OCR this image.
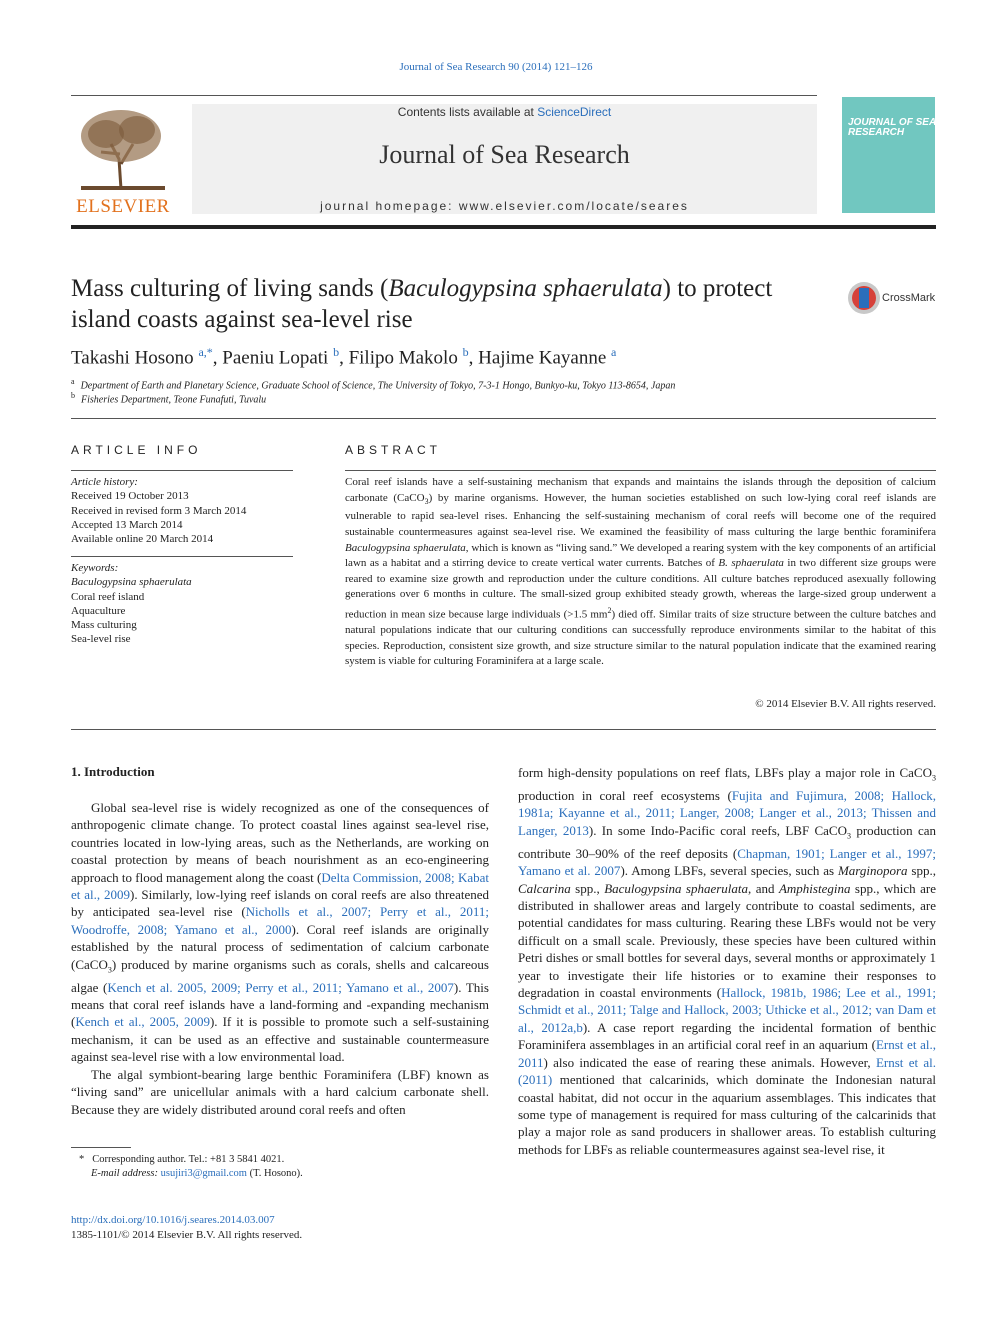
Journal of Sea Research 90 (2014) 121–126
ELSEVIER
Contents lists available at ScienceDirect
Journal of Sea Research
journal homepage: www.elsevier.com/locate/seares
JOURNAL OF SEA RESEARCH
Mass culturing of living sands (Baculogypsina sphaerulata) to protect island coasts against sea-level rise
CrossMark
Takashi Hosono $^{a,*}$, Paeniu Lopati $^b$, Filipo Makolo $^b$, Hajime Kayanne $^a$
$^a$ Department of Earth and Planetary Science, Graduate School of Science, The University of Tokyo, 7-3-1 Hongo, Bunkyo-ku, Tokyo 113-8654, Japan
$^b$ Fisheries Department, Teone Funafuti, Tuvalu
ARTICLE INFO
Article history:
Received 19 October 2013
Received in revised form 3 March 2014
Accepted 13 March 2014
Available online 20 March 2014
Keywords:
Baculogypsina sphaerulata
Coral reef island
Aquaculture
Mass culturing
Sea-level rise
ABSTRACT
Coral reef islands have a self-sustaining mechanism that expands and maintains the islands through the deposition of calcium carbonate (CaCO$_3$) by marine organisms. However, the human societies established on such low-lying coral reef islands are vulnerable to rapid sea-level rises. Enhancing the self-sustaining mechanism of coral reefs will become one of the required sustainable countermeasures against sea-level rise. We examined the feasibility of mass culturing the large benthic foraminifera Baculogypsina sphaerulata, which is known as “living sand.” We developed a rearing system with the key components of an artificial lawn as a habitat and a stirring device to create vertical water currents. Batches of B. sphaerulata in two different size groups were reared to examine size growth and reproduction under the culture conditions. All culture batches reproduced asexually following generations over 6 months in culture. The small-sized group exhibited steady growth, whereas the large-sized group underwent a reduction in mean size because large individuals (>1.5 $mm^2$) died off. Similar traits of size structure between the culture batches and natural populations indicate that our culturing conditions can successfully reproduce environments similar to the habitat of this species. Reproduction, consistent size growth, and size structure similar to the natural population indicate that the examined rearing system is viable for culturing Foraminifera at a large scale.
© 2014 Elsevier B.V. All rights reserved.
1. Introduction

Global sea-level rise is widely recognized as one of the consequences of anthropogenic climate change. To protect coastal lines against sea-level rise, countries located in low-lying areas, such as the Netherlands, are working on coastal protection by means of beach nourishment as an eco-engineering approach to flood management along the coast (Delta Commission, 2008; Kabat et al., 2009). Similarly, low-lying reef islands on coral reefs are also threatened by anticipated sea-level rise (Nicholls et al., 2007; Perry et al., 2011; Woodroffe, 2008; Yamano et al., 2000). Coral reef islands are originally established by the natural process of sedimentation of calcium carbonate (CaCO$_3$) produced by marine organisms such as corals, shells and calcareous algae (Kench et al. 2005, 2009; Perry et al., 2011; Yamano et al., 2007). This means that coral reef islands have a land-forming and -expanding mechanism (Kench et al., 2005, 2009). If it is possible to promote such a self-sustaining mechanism, it can be used as an effective and sustainable countermeasure against sea-level rise with a low environmental load.

The algal symbiont-bearing large benthic Foraminifera (LBF) known as “living sand” are unicellular animals with a hard calcium carbonate shell. Because they are widely distributed around coral reefs and often

form high-density populations on reef flats, LBFs play a major role in CaCO$_3$ production in coral reef ecosystems (Fujita and Fujimura, 2008; Hallock, 1981a; Kayanne et al., 2011; Langer, 2008; Langer et al., 2013; Thissen and Langer, 2013). In some Indo-Pacific coral reefs, LBF CaCO$_3$ production can contribute 30–90% of the reef deposits (Chapman, 1901; Langer et al., 1997; Yamano et al. 2007). Among LBFs, several species, such as Marginopora spp., Calcarina spp., Baculogypsina sphaerulata, and Amphistegina spp., which are distributed in shallower areas and largely contribute to coastal sediments, are potential candidates for mass culturing. Rearing these LBFs would not be very difficult on a small scale. Previously, these species have been cultured within Petri dishes or small bottles for several days, several months or approximately 1 year to investigate their life histories or to examine their responses to degradation in coastal environments (Hallock, 1981b, 1986; Lee et al., 1991; Schmidt et al., 2011; Talge and Hallock, 2003; Uthicke et al., 2012; van Dam et al., 2012a,b). A case report regarding the incidental formation of benthic Foraminifera assemblages in an artificial coral reef in an aquarium (Ernst et al., 2011) also indicated the ease of rearing these animals. However, Ernst et al. (2011) mentioned that calcarinids, which dominate the Indonesian natural coastal habitat, did not occur in the aquarium assemblages. This indicates that some type of management is required for mass culturing of the calcarinids that play a major role as sand producers in shallower areas. To establish culturing methods for LBFs as reliable countermeasures against sea-level rise, it

* Corresponding author. Tel.: +81 3 5841 4021.
E-mail address: usujiri3@gmail.com (T. Hosono).
http://dx.doi.org/10.1016/j.seares.2014.03.007
1385-1101/© 2014 Elsevier B.V. All rights reserved.
